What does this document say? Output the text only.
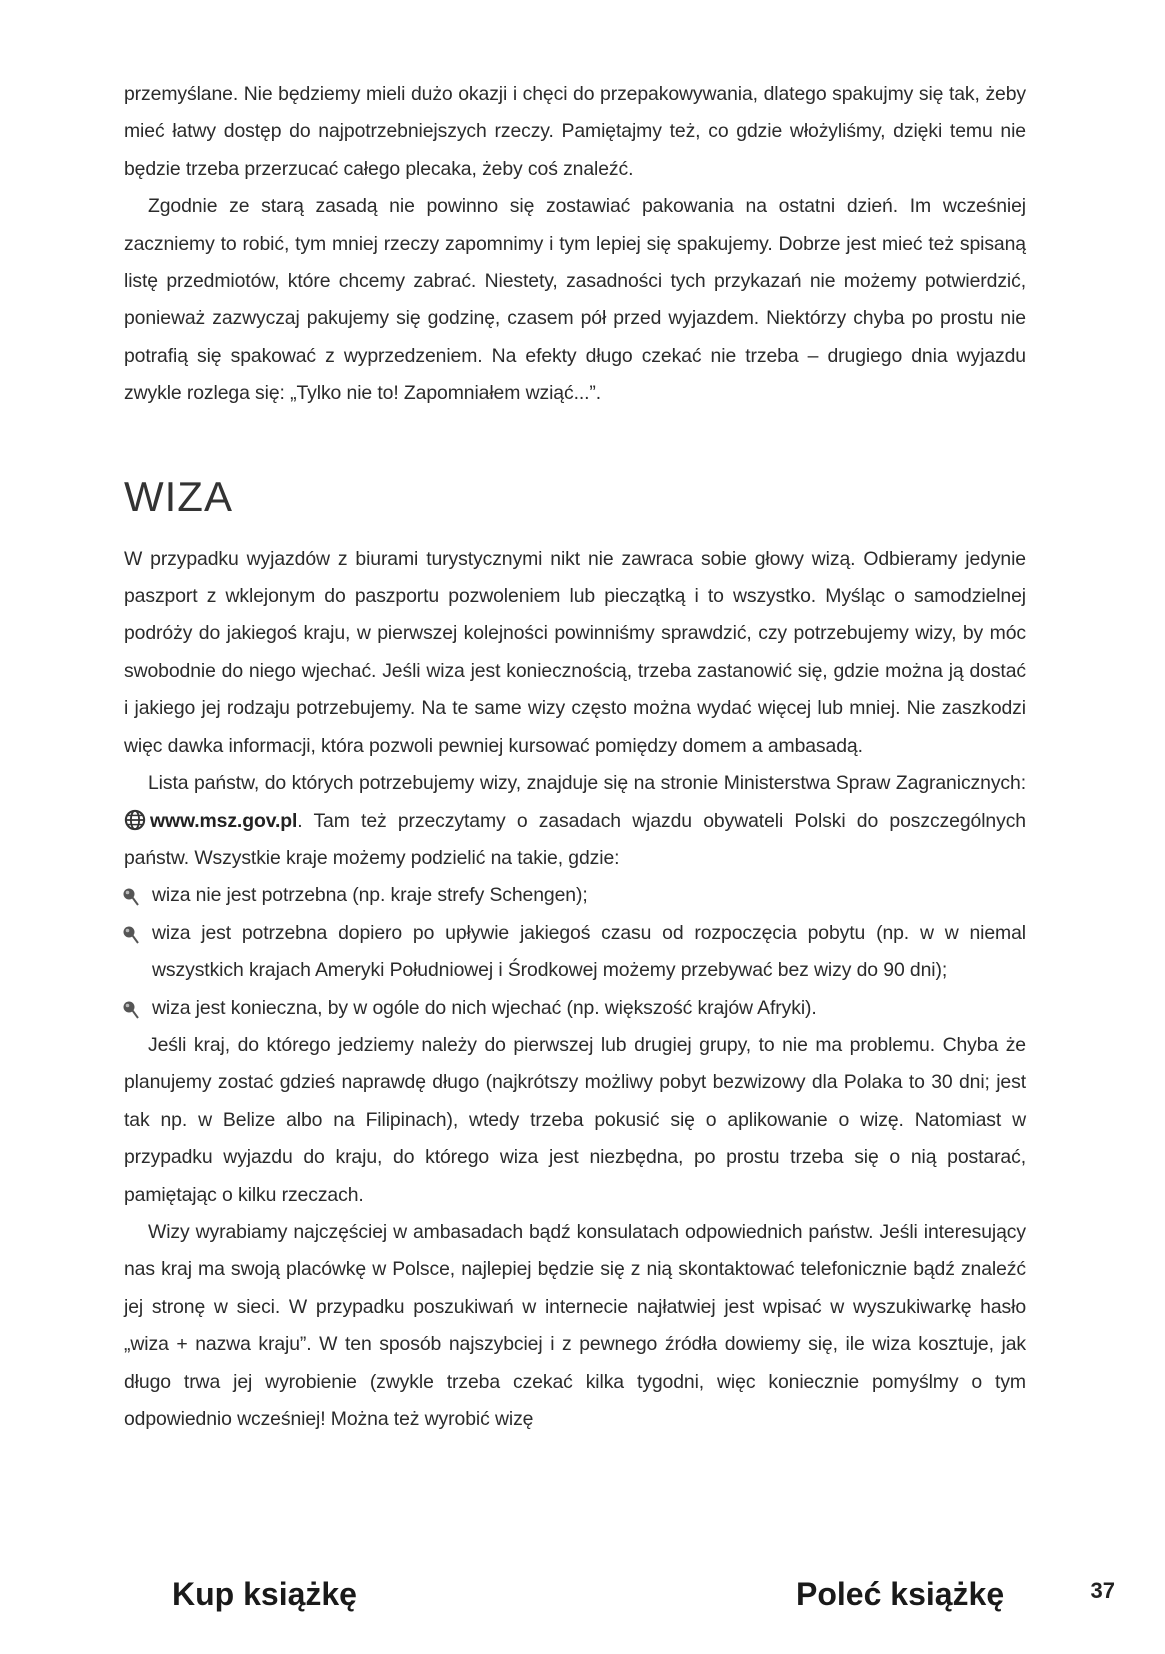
przemyślane. Nie będziemy mieli dużo okazji i chęci do przepakowywania, dlatego spakujmy się tak, żeby mieć łatwy dostęp do najpotrzebniejszych rzeczy. Pamiętajmy też, co gdzie włożyliśmy, dzięki temu nie będzie trzeba przerzucać całego plecaka, żeby coś znaleźć.

Zgodnie ze starą zasadą nie powinno się zostawiać pakowania na ostatni dzień. Im wcześniej zaczniemy to robić, tym mniej rzeczy zapomnimy i tym lepiej się spakujemy. Dobrze jest mieć też spisaną listę przedmiotów, które chcemy zabrać. Niestety, zasadności tych przykazań nie możemy potwierdzić, ponieważ zazwyczaj pakujemy się godzinę, czasem pół przed wyjazdem. Niektórzy chyba po prostu nie potrafią się spakować z wyprzedzeniem. Na efekty długo czekać nie trzeba – drugiego dnia wyjazdu zwykle rozlega się: „Tylko nie to! Zapomniałem wziąć...”.

WIZA

W przypadku wyjazdów z biurami turystycznymi nikt nie zawraca sobie głowy wizą. Odbieramy jedynie paszport z wklejonym do paszportu pozwoleniem lub pieczątką i to wszystko. Myśląc o samodzielnej podróży do jakiegoś kraju, w pierwszej kolejności powinniśmy sprawdzić, czy potrzebujemy wizy, by móc swobodnie do niego wjechać. Jeśli wiza jest koniecznością, trzeba zastanowić się, gdzie można ją dostać i jakiego jej rodzaju potrzebujemy. Na te same wizy często można wydać więcej lub mniej. Nie zaszkodzi więc dawka informacji, która pozwoli pewniej kursować pomiędzy domem a ambasadą.

Lista państw, do których potrzebujemy wizy, znajduje się na stronie Ministerstwa Spraw Zagranicznych: www.msz.gov.pl. Tam też przeczytamy o zasadach wjazdu obywateli Polski do poszczególnych państw. Wszystkie kraje możemy podzielić na takie, gdzie:

wiza nie jest potrzebna (np. kraje strefy Schengen);
wiza jest potrzebna dopiero po upływie jakiegoś czasu od rozpoczęcia pobytu (np. w w niemal wszystkich krajach Ameryki Południowej i Środkowej możemy przebywać bez wizy do 90 dni);
wiza jest konieczna, by w ogóle do nich wjechać (np. większość krajów Afryki).

Jeśli kraj, do którego jedziemy należy do pierwszej lub drugiej grupy, to nie ma problemu. Chyba że planujemy zostać gdzieś naprawdę długo (najkrótszy możliwy pobyt bezwizowy dla Polaka to 30 dni; jest tak np. w Belize albo na Filipinach), wtedy trzeba pokusić się o aplikowanie o wizę. Natomiast w przypadku wyjazdu do kraju, do którego wiza jest niezbędna, po prostu trzeba się o nią postarać, pamiętając o kilku rzeczach.

Wizy wyrabiamy najczęściej w ambasadach bądź konsulatach odpowiednich państw. Jeśli interesujący nas kraj ma swoją placówkę w Polsce, najlepiej będzie się z nią skontaktować telefonicznie bądź znaleźć jej stronę w sieci. W przypadku poszukiwań w internecie najłatwiej jest wpisać w wyszukiwarkę hasło „wiza + nazwa kraju”. W ten sposób najszybciej i z pewnego źródła dowiemy się, ile wiza kosztuje, jak długo trwa jej wyrobienie (zwykle trzeba czekać kilka tygodni, więc koniecznie pomyślmy o tym odpowiednio wcześniej! Można też wyrobić wizę

Kup książkę	Poleć książkę	37
